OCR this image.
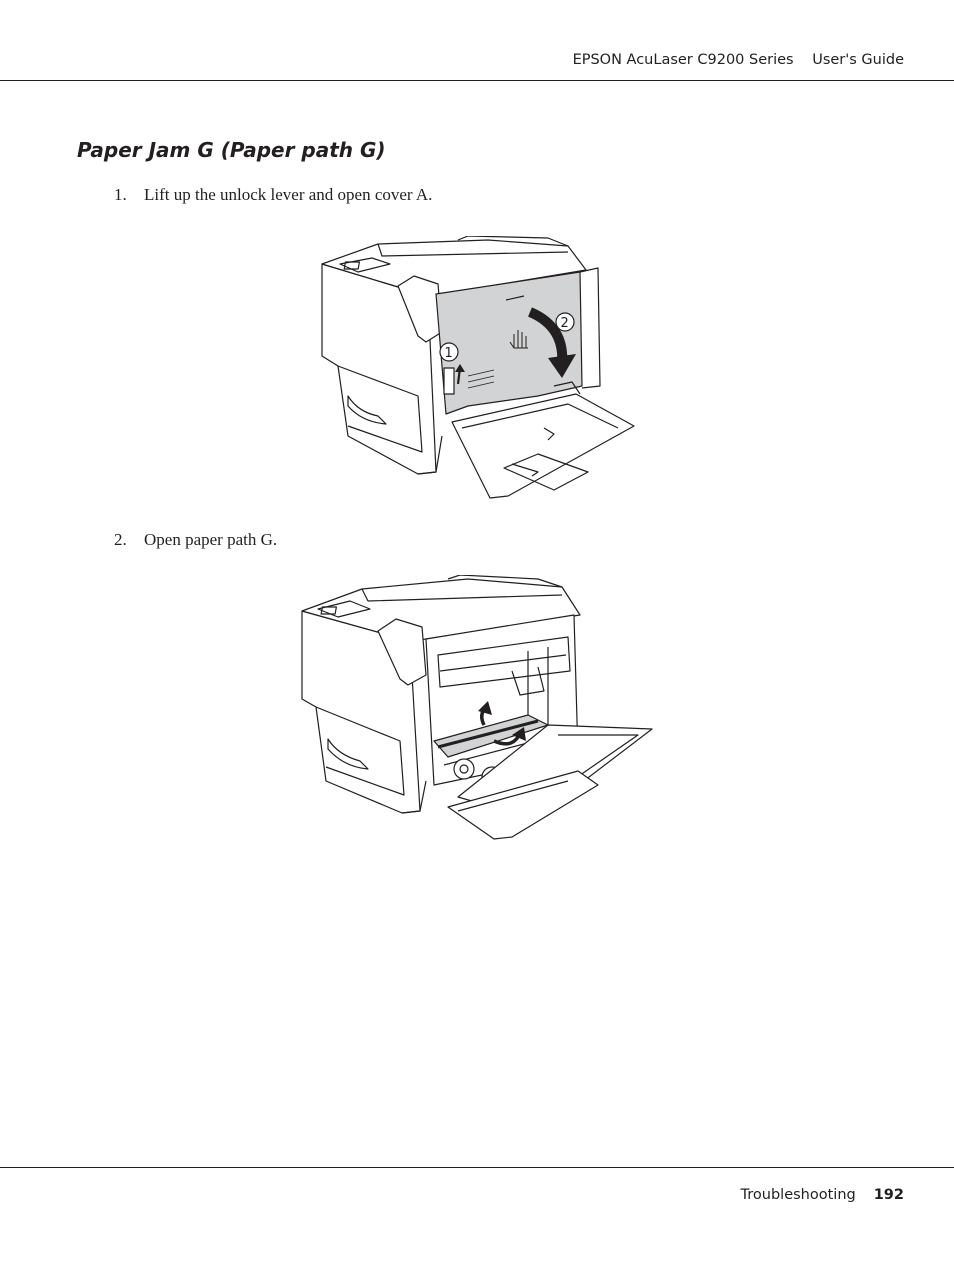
EPSON AcuLaser C9200 Series User's Guide
Paper Jam G (Paper path G)
1. Lift up the unlock lever and open cover A.
1
2
2. Open paper path G.
Troubleshooting 192
